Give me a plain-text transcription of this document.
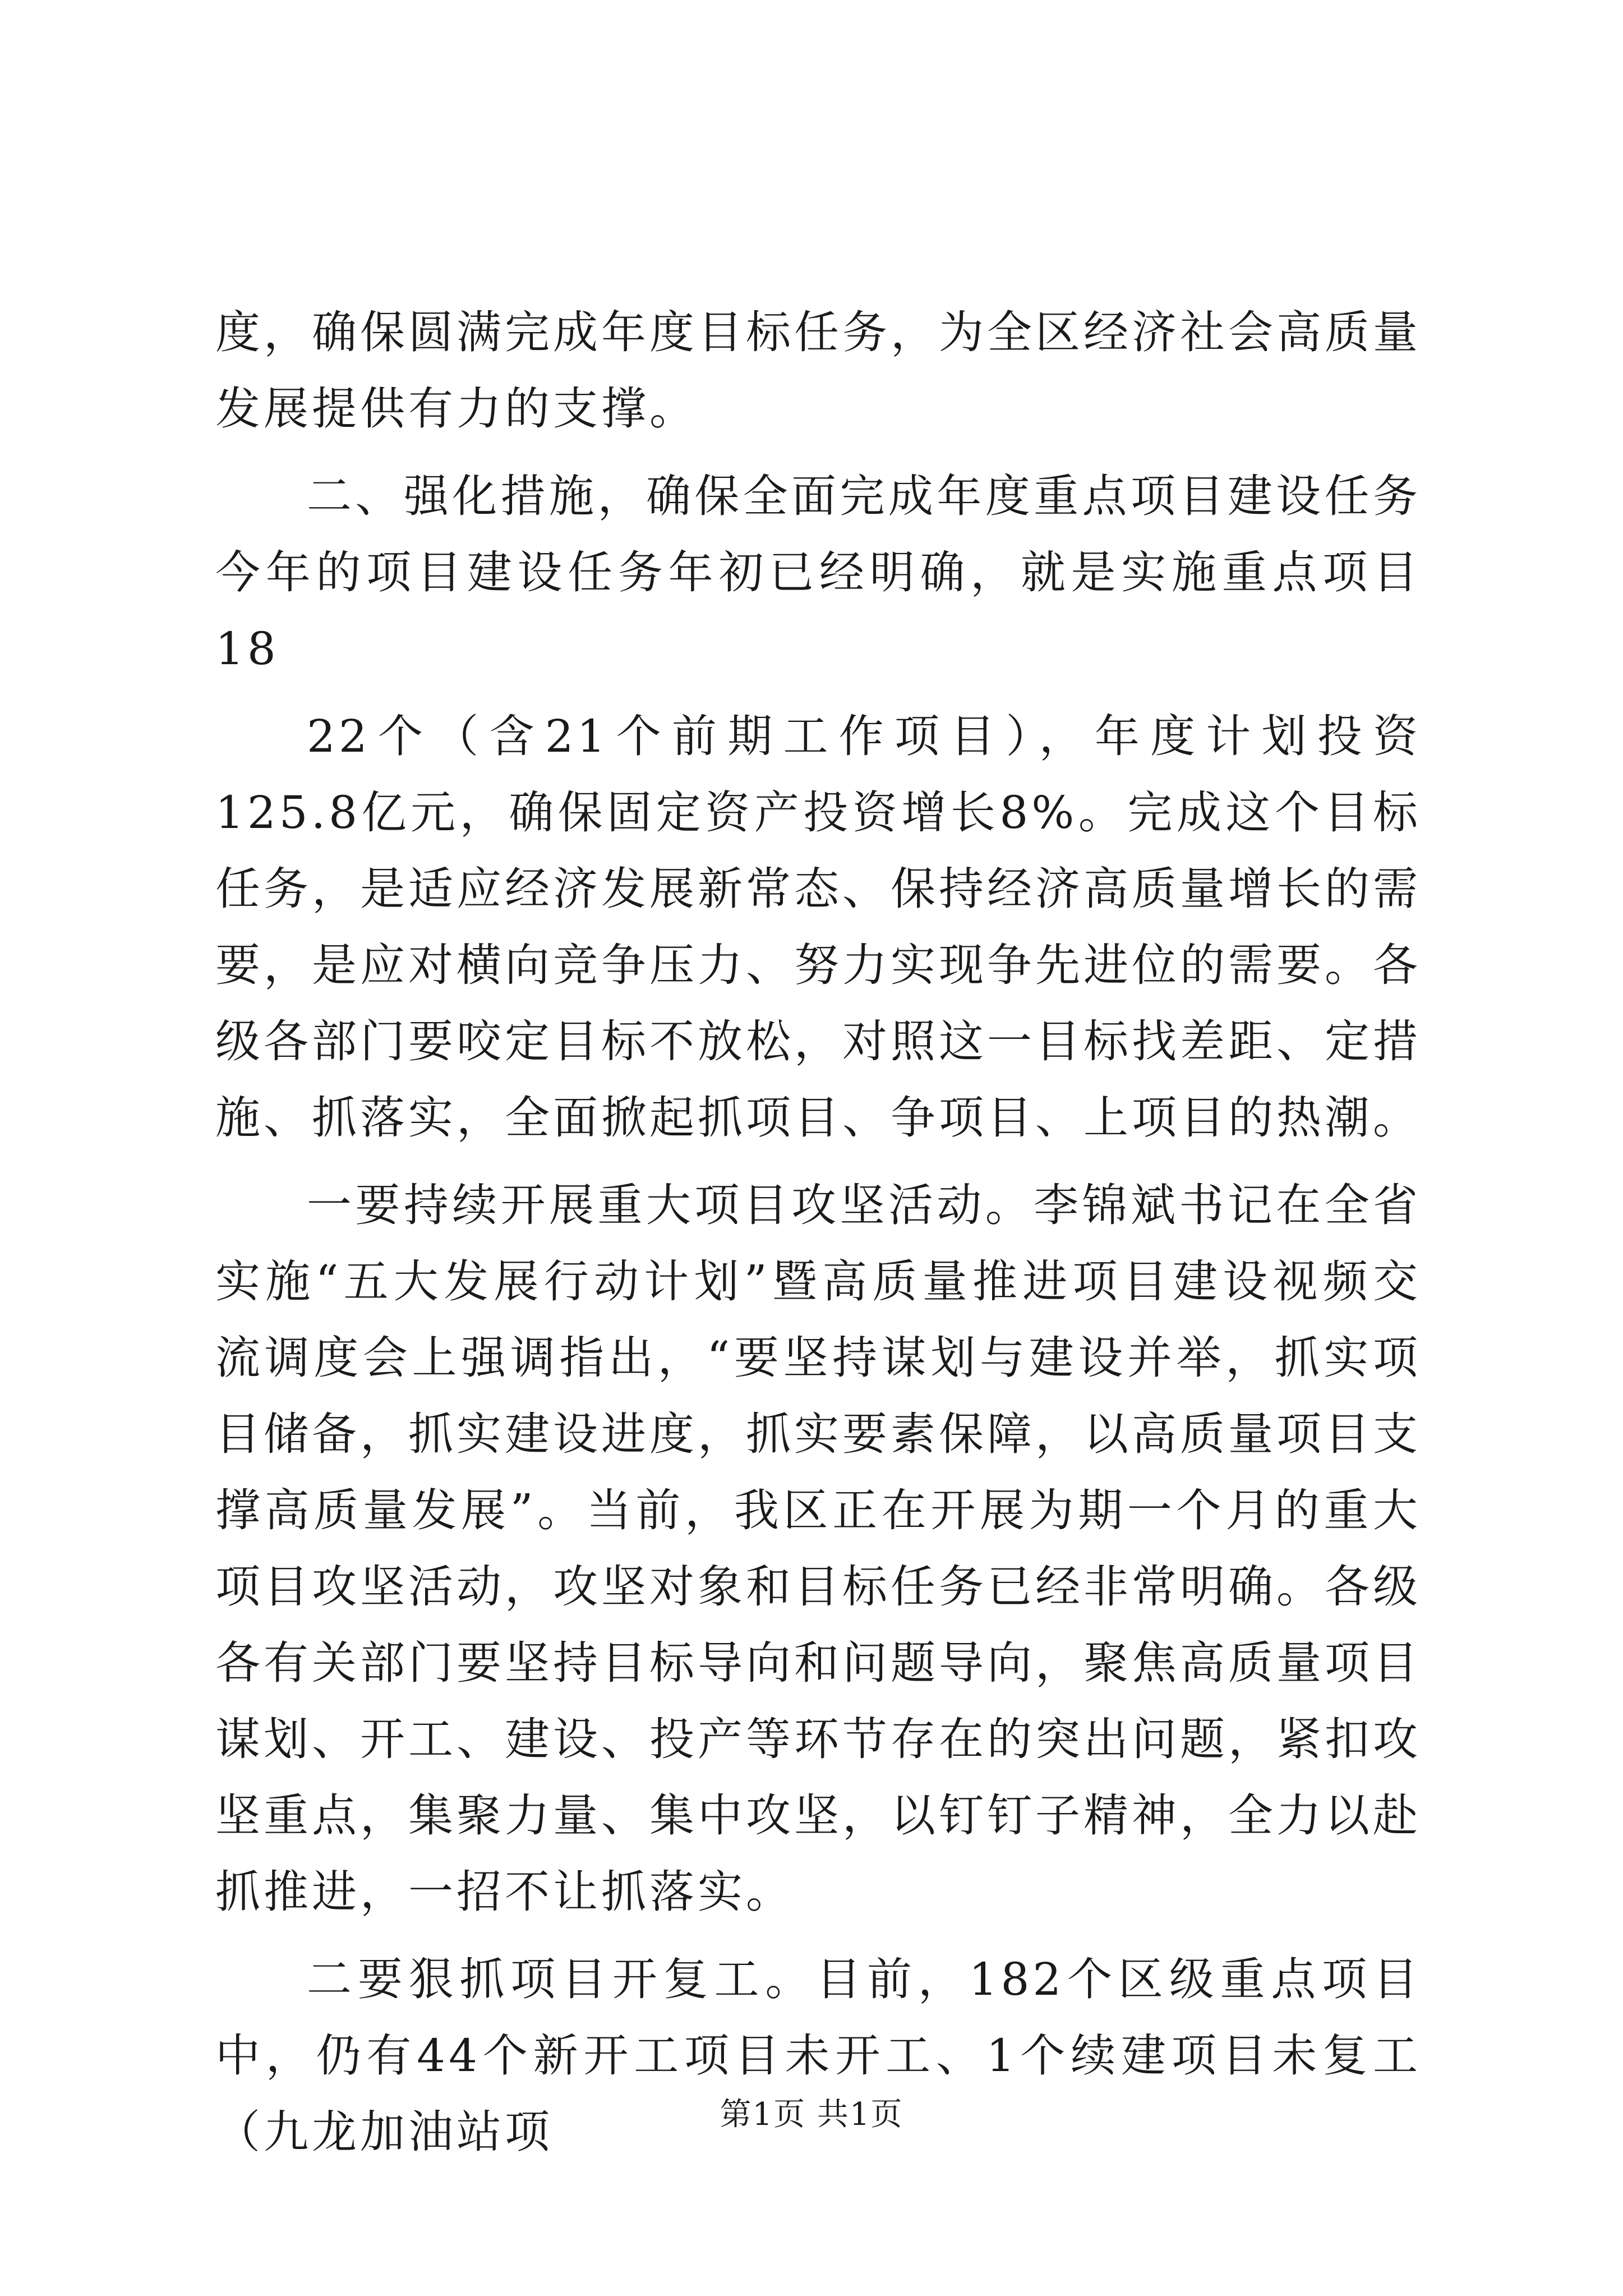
度，确保圆满完成年度目标任务，为全区经济社会高质量发展提供有力的支撑。

二、强化措施，确保全面完成年度重点项目建设任务今年的项目建设任务年初已经明确，就是实施重点项目18

22个（含21个前期工作项目），年度计划投资125.8亿元，确保固定资产投资增长8%。完成这个目标任务，是适应经济发展新常态、保持经济高质量增长的需要，是应对横向竞争压力、努力实现争先进位的需要。各级各部门要咬定目标不放松，对照这一目标找差距、定措施、抓落实，全面掀起抓项目、争项目、上项目的热潮。

一要持续开展重大项目攻坚活动。李锦斌书记在全省实施“五大发展行动计划”暨高质量推进项目建设视频交流调度会上强调指出，“要坚持谋划与建设并举，抓实项目储备，抓实建设进度，抓实要素保障，以高质量项目支撑高质量发展”。当前，我区正在开展为期一个月的重大项目攻坚活动，攻坚对象和目标任务已经非常明确。各级各有关部门要坚持目标导向和问题导向，聚焦高质量项目谋划、开工、建设、投产等环节存在的突出问题，紧扣攻坚重点，集聚力量、集中攻坚，以钉钉子精神，全力以赴抓推进，一招不让抓落实。

二要狠抓项目开复工。目前，182个区级重点项目中，仍有44个新开工项目未开工、1个续建项目未复工（九龙加油站项	第1页 共1页
